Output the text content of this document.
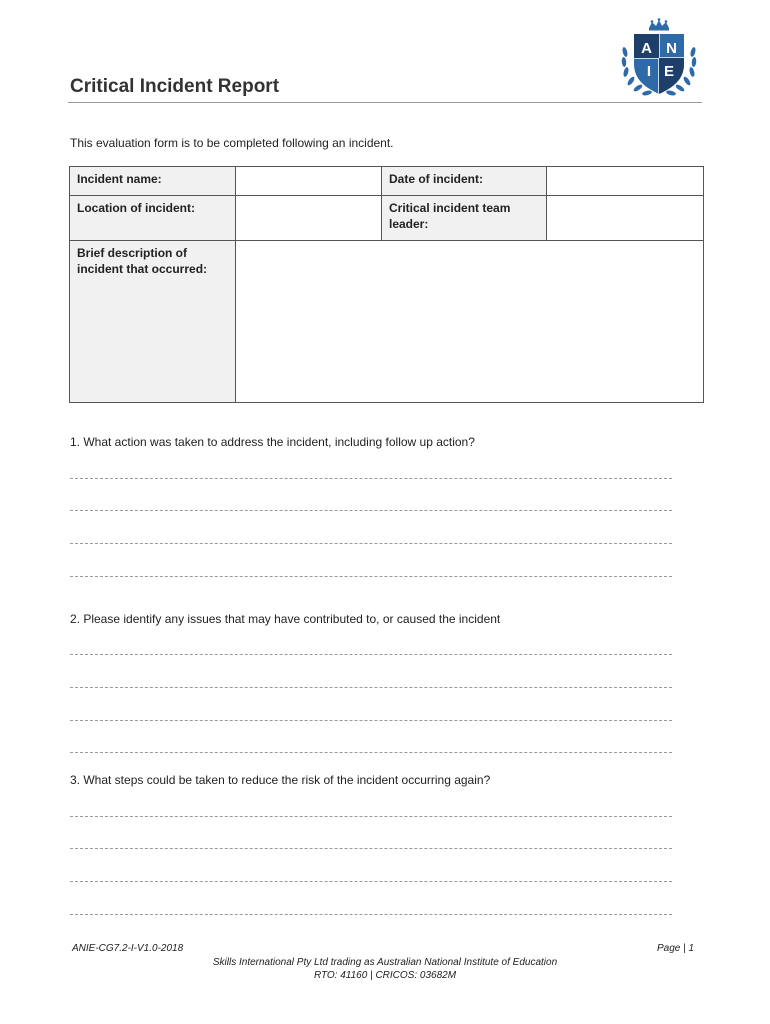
A N
I E
Critical Incident Report
This evaluation form is to be completed following an incident.
Incident name:		Date of incident:	
Location of incident:		Critical incident team leader:	
Brief description of incident that occurred:			
1. What action was taken to address the incident, including follow up action?
2. Please identify any issues that may have contributed to, or caused the incident
3. What steps could be taken to reduce the risk of the incident occurring again?
ANIE-CG7.2-I-V1.0-2018	Page | 1
Skills International Pty Ltd trading as Australian National Institute of Education
RTO: 41160 | CRICOS: 03682M
